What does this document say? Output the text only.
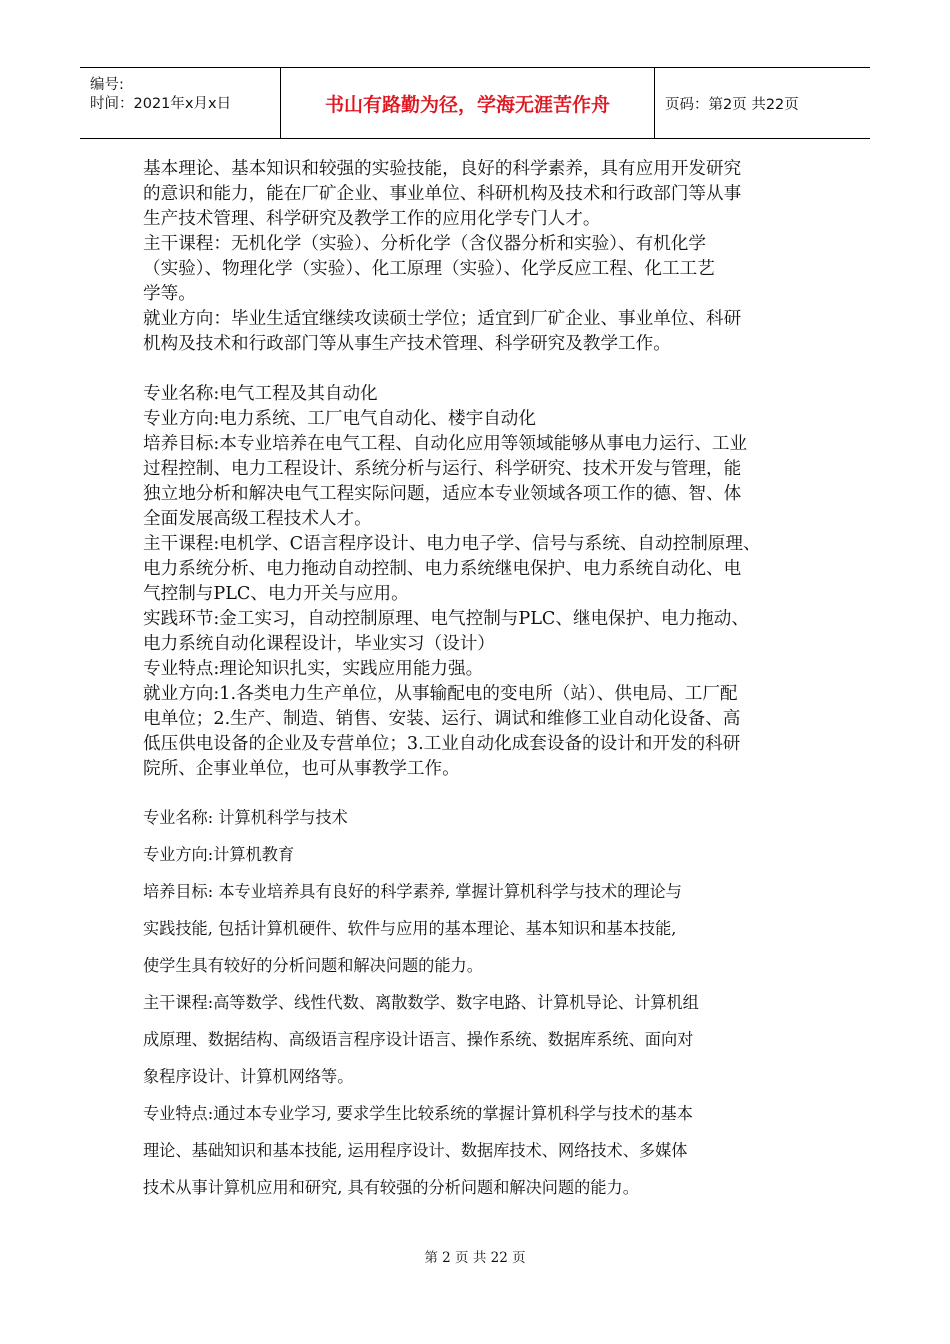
编号:
时间：2021年x月x日	书山有路勤为径，学海无涯苦作舟	页码：第2页 共22页

基本理论、基本知识和较强的实验技能，良好的科学素养，具有应用开发研究

的意识和能力，能在厂矿企业、事业单位、科研机构及技术和行政部门等从事

生产技术管理、科学研究及教学工作的应用化学专门人才。

主干课程：无机化学（实验）、分析化学（含仪器分析和实验）、有机化学

（实验）、物理化学（实验）、化工原理（实验）、化学反应工程、化工工艺

学等。

就业方向：毕业生适宜继续攻读硕士学位；适宜到厂矿企业、事业单位、科研

机构及技术和行政部门等从事生产技术管理、科学研究及教学工作。

专业名称:电气工程及其自动化

专业方向:电力系统、工厂电气自动化、楼宇自动化

培养目标:本专业培养在电气工程、自动化应用等领域能够从事电力运行、工业

过程控制、电力工程设计、系统分析与运行、科学研究、技术开发与管理，能

独立地分析和解决电气工程实际问题，适应本专业领域各项工作的德、智、体

全面发展高级工程技术人才。

主干课程:电机学、C语言程序设计、电力电子学、信号与系统、自动控制原理、

电力系统分析、电力拖动自动控制、电力系统继电保护、电力系统自动化、电

气控制与PLC、电力开关与应用。

实践环节:金工实习，自动控制原理、电气控制与PLC、继电保护、电力拖动、

电力系统自动化课程设计，毕业实习（设计）

专业特点:理论知识扎实，实践应用能力强。

就业方向:1.各类电力生产单位，从事输配电的变电所（站）、供电局、工厂配

电单位；2.生产、制造、销售、安装、运行、调试和维修工业自动化设备、高

低压供电设备的企业及专营单位；3.工业自动化成套设备的设计和开发的科研

院所、企事业单位，也可从事教学工作。

专业名称: 计算机科学与技术

专业方向:计算机教育

培养目标: 本专业培养具有良好的科学素养, 掌握计算机科学与技术的理论与

实践技能, 包括计算机硬件、软件与应用的基本理论、基本知识和基本技能,

使学生具有较好的分析问题和解决问题的能力。

主干课程:高等数学、线性代数、离散数学、数字电路、计算机导论、计算机组

成原理、数据结构、高级语言程序设计语言、操作系统、数据库系统、面向对

象程序设计、计算机网络等。

专业特点:通过本专业学习, 要求学生比较系统的掌握计算机科学与技术的基本

理论、基础知识和基本技能, 运用程序设计、数据库技术、网络技术、多媒体

技术从事计算机应用和研究, 具有较强的分析问题和解决问题的能力。

第 2 页 共 22 页
